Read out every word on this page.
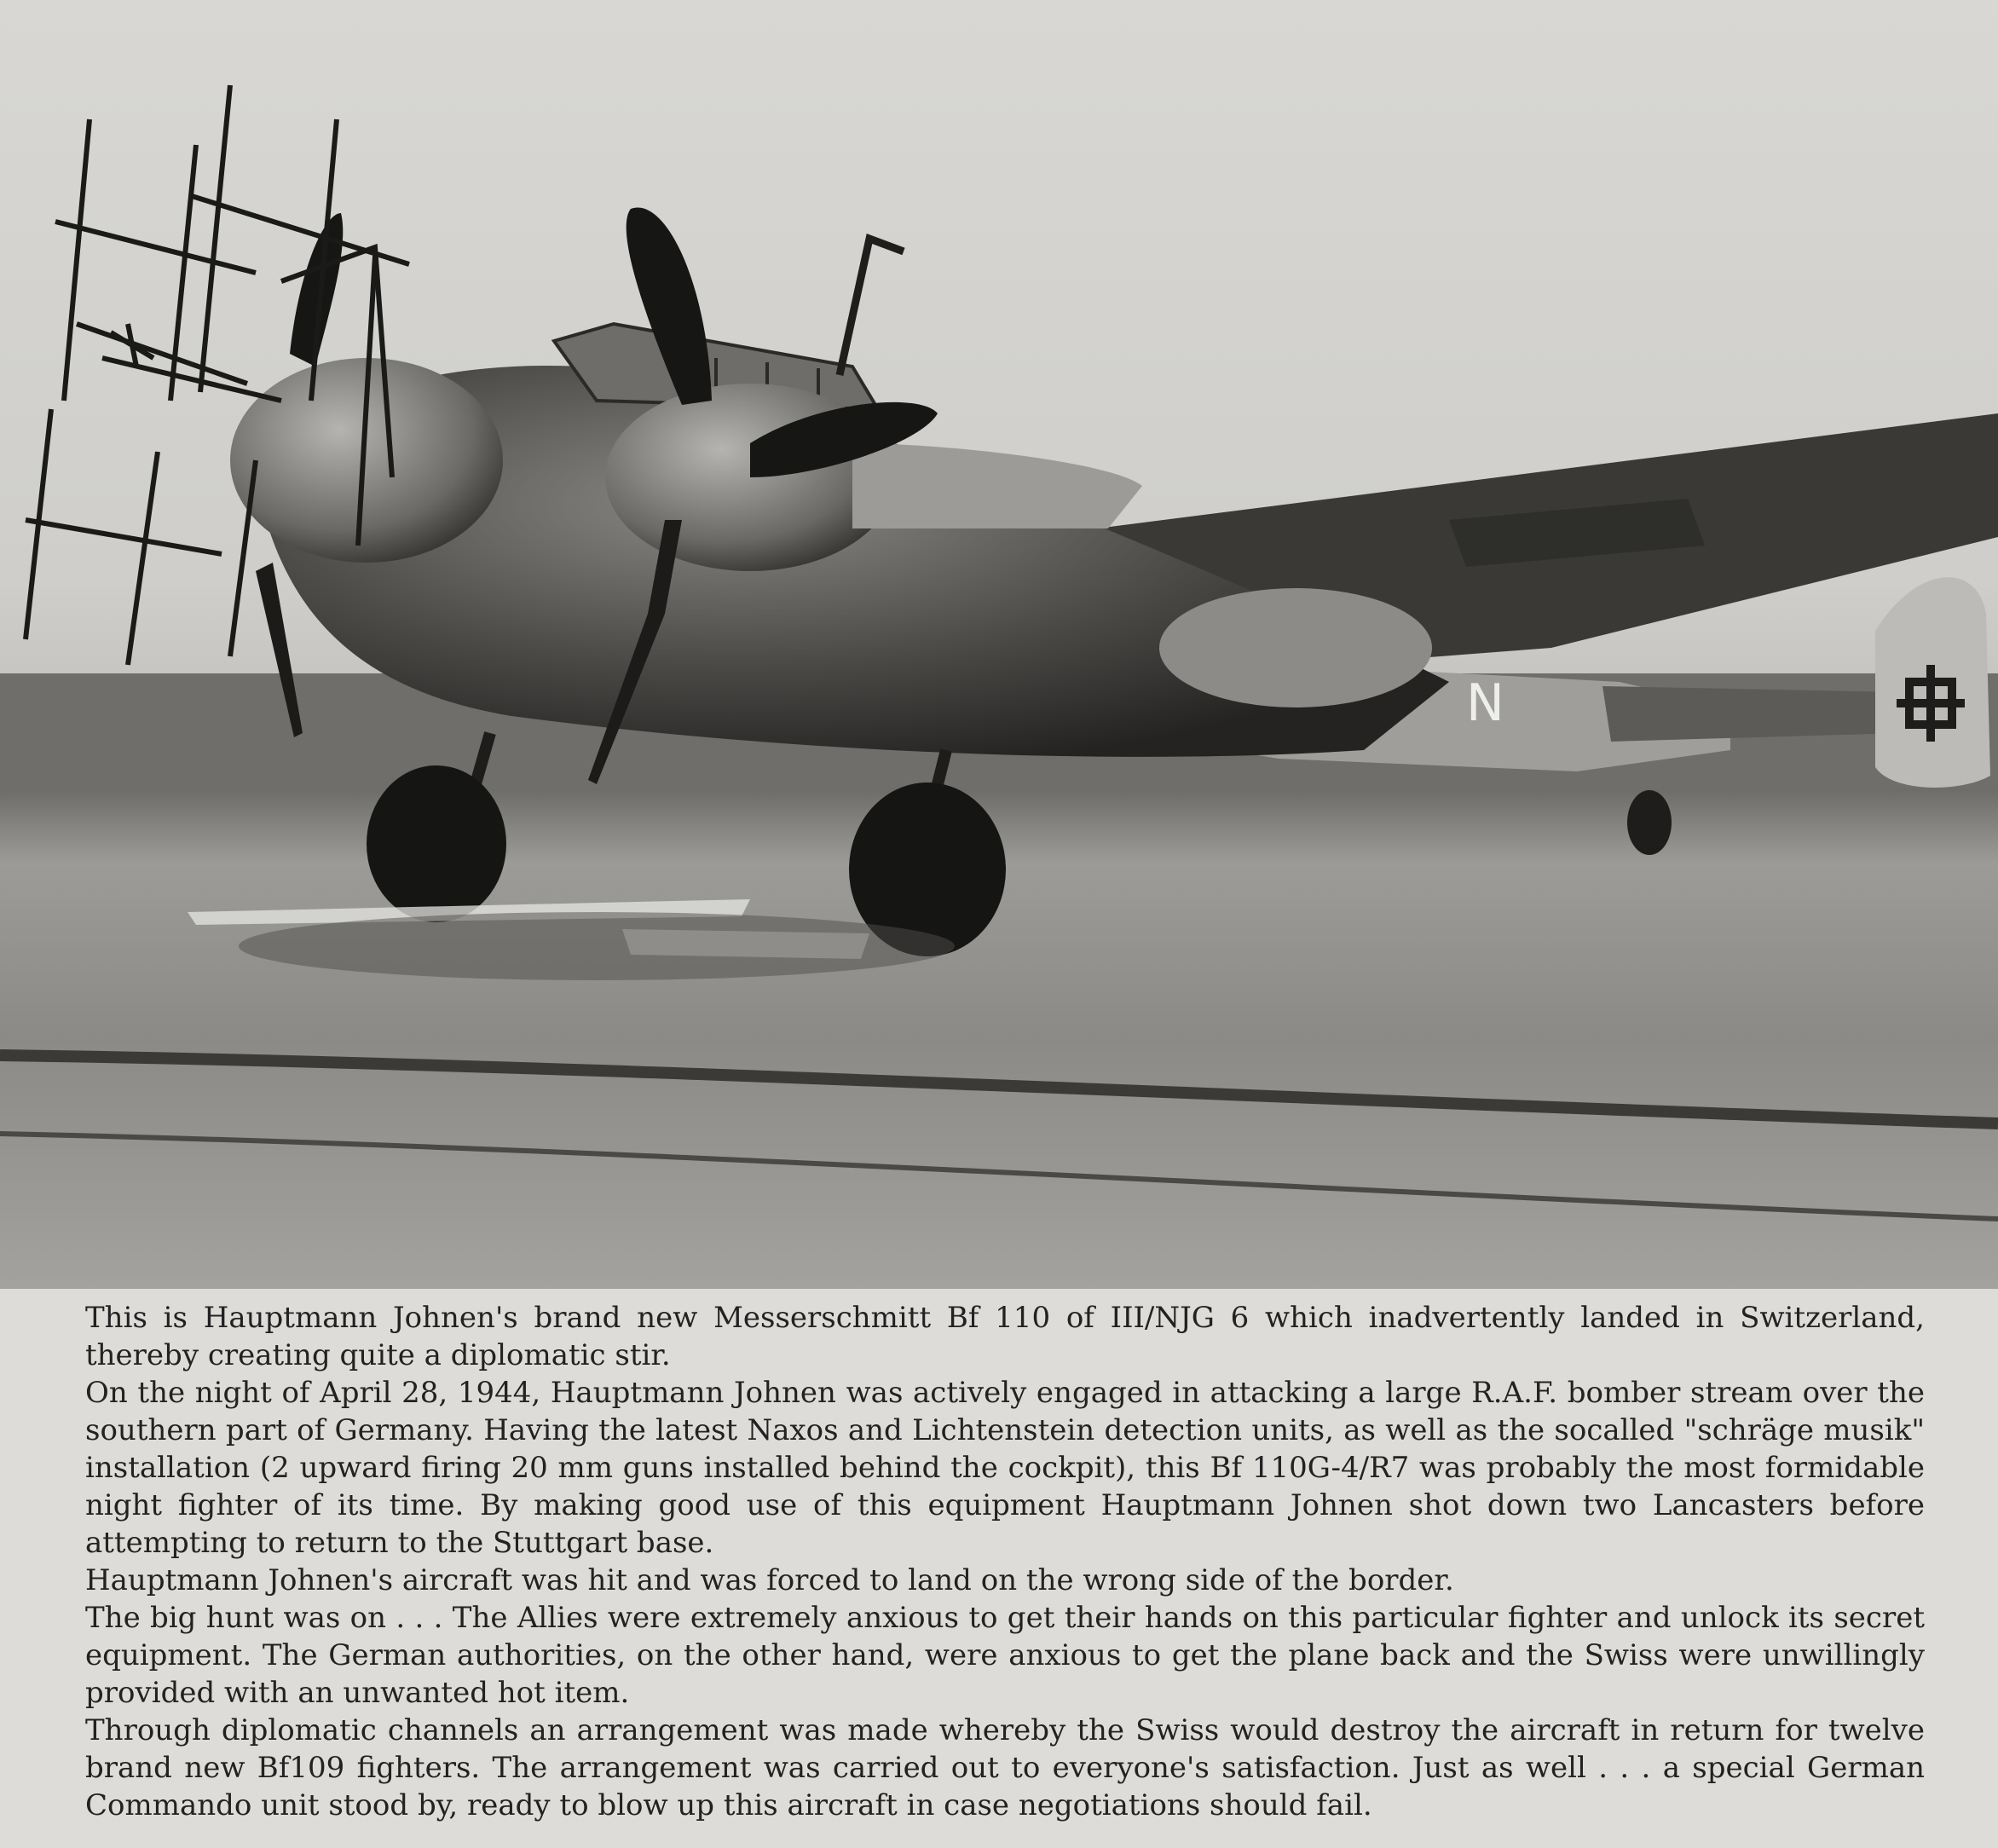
N

This is Hauptmann Johnen's brand new Messerschmitt Bf 110 of III/NJG 6 which inadvertently landed in Switzerland, thereby creating quite a diplomatic stir.

On the night of April 28, 1944, Hauptmann Johnen was actively engaged in attacking a large R.A.F. bomber stream over the southern part of Germany. Having the latest Naxos and Lichtenstein detection units, as well as the socalled "schräge musik" installation (2 upward firing 20 mm guns installed behind the cockpit), this Bf 110G-4/R7 was probably the most formidable night fighter of its time. By making good use of this equipment Hauptmann Johnen shot down two Lancasters before attempting to return to the Stuttgart base.

Hauptmann Johnen's aircraft was hit and was forced to land on the wrong side of the border.

The big hunt was on . . . The Allies were extremely anxious to get their hands on this particular fighter and unlock its secret equipment. The German authorities, on the other hand, were anxious to get the plane back and the Swiss were unwillingly provided with an unwanted hot item.

Through diplomatic channels an arrangement was made whereby the Swiss would destroy the aircraft in return for twelve brand new Bf109 fighters. The arrangement was carried out to everyone's satisfaction. Just as well . . . a special German Commando unit stood by, ready to blow up this aircraft in case negotiations should fail.
